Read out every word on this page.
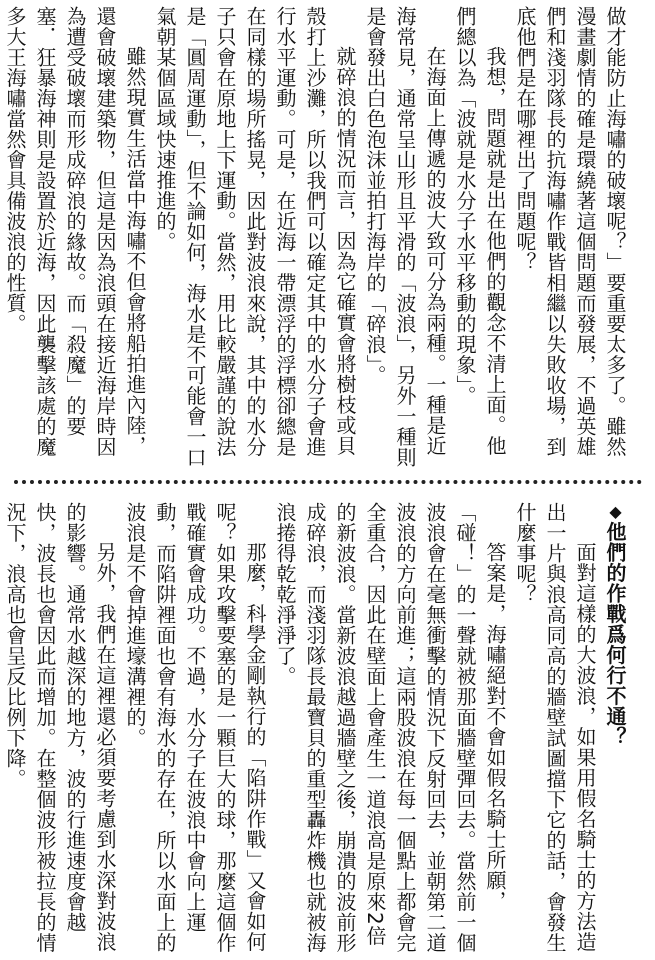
做才能防止海嘯的破壞呢？」要重要太多了。雖然漫畫劇情的確是環繞著這個問題而發展，不過英雄們和淺羽隊長的抗海嘯作戰皆相繼以失敗收場，到底他們是在哪裡出了問題呢？

我想，問題就是出在他們的觀念不清上面。他們總以為「波就是水分子水平移動的現象」。

在海面上傳遞的波大致可分為兩種。一種是近海常見，通常呈山形且平滑的「波浪」，另外一種則是會發出白色泡沫並拍打海岸的「碎浪」。

就碎浪的情況而言，因為它確實會將樹枝或貝殼打上沙灘，所以我們可以確定其中的水分子會進行水平運動。可是，在近海一帶漂浮的浮標卻總是在同樣的場所搖晃，因此對波浪來說，其中的水分子只會在原地上下運動。當然，用比較嚴謹的說法是「圓周運動」，但不論如何，海水是不可能會一口氣朝某個區域快速推進的。

雖然現實生活當中海嘯不但會將船拍進內陸，還會破壞建築物，但這是因為浪頭在接近海岸時因為遭受破壞而形成碎浪的緣故。而「殺魔」的要塞．狂暴海神則是設置於近海，因此襲擊該處的魔多大王海嘯當然會具備波浪的性質。

◆他們的作戰爲何行不通？

面對這樣的大波浪，如果用假名騎士的方法造出一片與浪高同高的牆壁試圖擋下它的話，會發生什麼事呢？

答案是，海嘯絕對不會如假名騎士所願，「碰！」的一聲就被那面牆壁彈回去。當然前一個波浪會在毫無衝擊的情況下反射回去，並朝第二道波浪的方向前進；這兩股波浪在每一個點上都會完全重合，因此在壁面上會產生一道浪高是原來2倍的新波浪。當新波浪越過牆壁之後，崩潰的波前形成碎浪，而淺羽隊長最寶貝的重型轟炸機也就被海浪捲得乾乾淨淨了。

那麼，科學金剛執行的「陷阱作戰」又會如何呢？如果攻擊要塞的是一顆巨大的球，那麼這個作戰確實會成功。不過，水分子在波浪中會向上運動，而陷阱裡面也會有海水的存在，所以水面上的波浪是不會掉進壕溝裡的。

另外，我們在這裡還必須要考慮到水深對波浪的影響。通常水越深的地方，波的行進速度會越快，波長也會因此而增加。在整個波形被拉長的情況下，浪高也會呈反比例下降。
